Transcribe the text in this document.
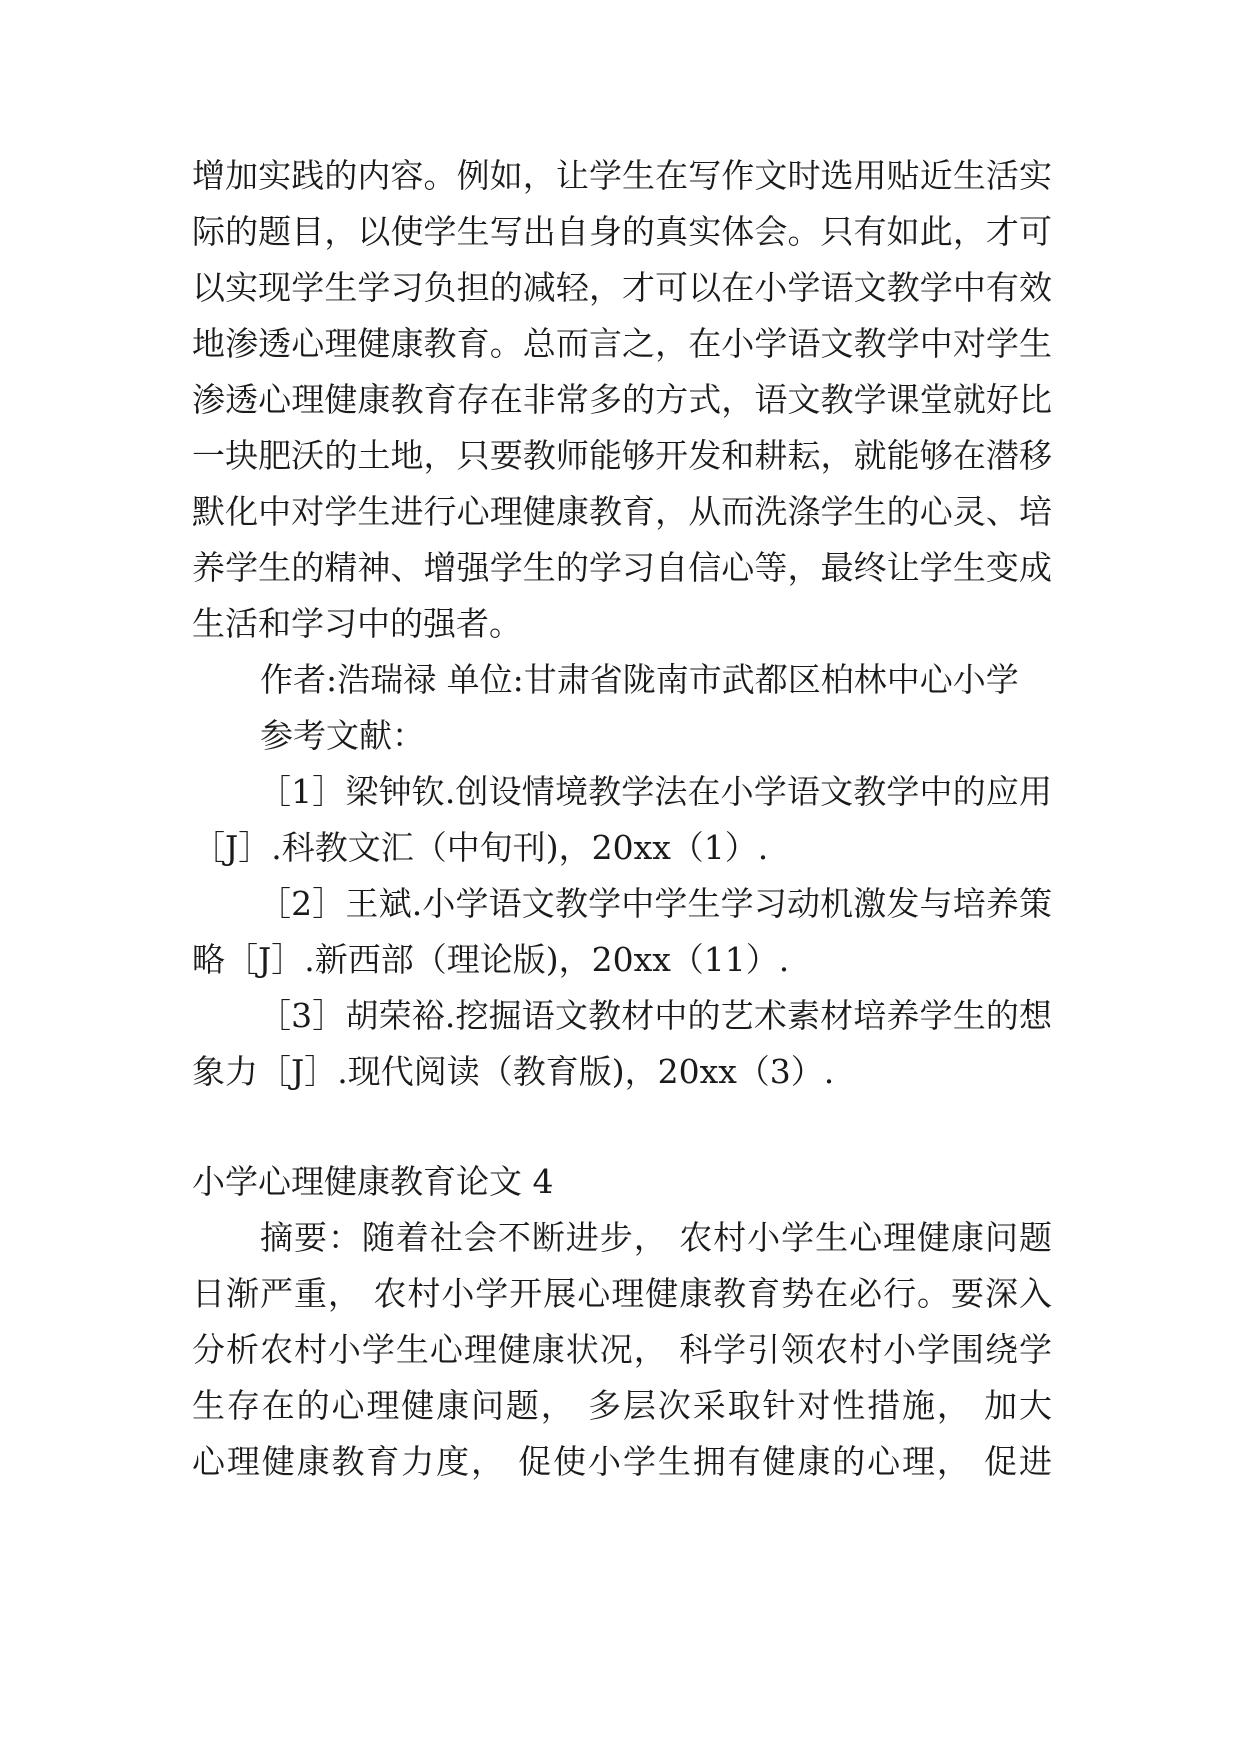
增加实践的内容。例如，让学生在写作文时选用贴近生活实
际的题目，以使学生写出自身的真实体会。只有如此，才可
以实现学生学习负担的减轻，才可以在小学语文教学中有效
地渗透心理健康教育。总而言之，在小学语文教学中对学生
渗透心理健康教育存在非常多的方式，语文教学课堂就好比
一块肥沃的土地，只要教师能够开发和耕耘，就能够在潜移
默化中对学生进行心理健康教育，从而洗涤学生的心灵、培
养学生的精神、增强学生的学习自信心等，最终让学生变成
生活和学习中的强者。
作者:浩瑞禄 单位:甘肃省陇南市武都区柏林中心小学
参考文献：
［1］梁钟钦.创设情境教学法在小学语文教学中的应用
［J］.科教文汇（中旬刊)，20xx（1）.
［2］王斌.小学语文教学中学生学习动机激发与培养策
略［J］.新西部（理论版)，20xx（11）.
［3］胡荣裕.挖掘语文教材中的艺术素材培养学生的想
象力［J］.现代阅读（教育版)，20xx（3）.
小学心理健康教育论文 4
摘要：随着社会不断进步， 农村小学生心理健康问题
日渐严重， 农村小学开展心理健康教育势在必行。要深入
分析农村小学生心理健康状况， 科学引领农村小学围绕学
生存在的心理健康问题， 多层次采取针对性措施， 加大
心理健康教育力度， 促使小学生拥有健康的心理， 促进
